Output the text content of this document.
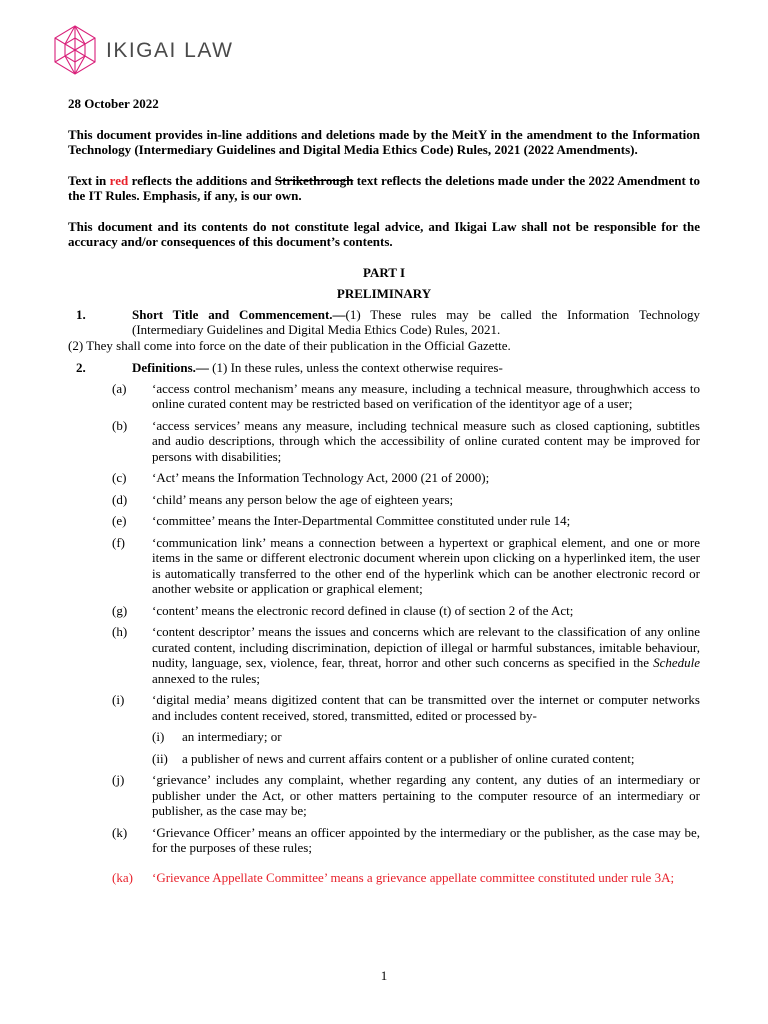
IKIGAI LAW

28 October 2022

This document provides in-line additions and deletions made by the MeitY in the amendment to the Information Technology (Intermediary Guidelines and Digital Media Ethics Code) Rules, 2021 (2022 Amendments).

Text in red reflects the additions and Strikethrough text reflects the deletions made under the 2022 Amendment to the IT Rules. Emphasis, if any, is our own.

This document and its contents do not constitute legal advice, and Ikigai Law shall not be responsible for the accuracy and/or consequences of this document’s contents.

PART I

PRELIMINARY

1.	Short Title and Commencement.—(1) These rules may be called the Information Technology (Intermediary Guidelines and Digital Media Ethics Code) Rules, 2021.

(2) They shall come into force on the date of their publication in the Official Gazette.

2.	Definitions.— (1) In these rules, unless the context otherwise requires-
(a)	‘access control mechanism’ means any measure, including a technical measure, throughwhich access to online curated content may be restricted based on verification of the identityor age of a user;
(b)	‘access services’ means any measure, including technical measure such as closed captioning, subtitles and audio descriptions, through which the accessibility of online curated content may be improved for persons with disabilities;
(c)	‘Act’ means the Information Technology Act, 2000 (21 of 2000);
(d)	‘child’ means any person below the age of eighteen years;
(e)	‘committee’ means the Inter-Departmental Committee constituted under rule 14;
(f)	‘communication link’ means a connection between a hypertext or graphical element, and one or more items in the same or different electronic document wherein upon clicking on a hyperlinked item, the user is automatically transferred to the other end of the hyperlink which can be another electronic record or another website or application or graphical element;
(g)	‘content’ means the electronic record defined in clause (t) of section 2 of the Act;
(h)	‘content descriptor’ means the issues and concerns which are relevant to the classification of any online curated content, including discrimination, depiction of illegal or harmful substances, imitable behaviour, nudity, language, sex, violence, fear, threat, horror and other such concerns as specified in the Schedule annexed to the rules;
(i)	‘digital media’ means digitized content that can be transmitted over the internet or computer networks and includes content received, stored, transmitted, edited or processed by-
(i)	an intermediary; or
(ii)	a publisher of news and current affairs content or a publisher of online curated content;
(j)	‘grievance’ includes any complaint, whether regarding any content, any duties of an intermediary or publisher under the Act, or other matters pertaining to the computer resource of an intermediary or publisher, as the case may be;
(k)	‘Grievance Officer’ means an officer appointed by the intermediary or the publisher, as the case may be, for the purposes of these rules;
(ka)	‘Grievance Appellate Committee’ means a grievance appellate committee constituted under rule 3A;
1
